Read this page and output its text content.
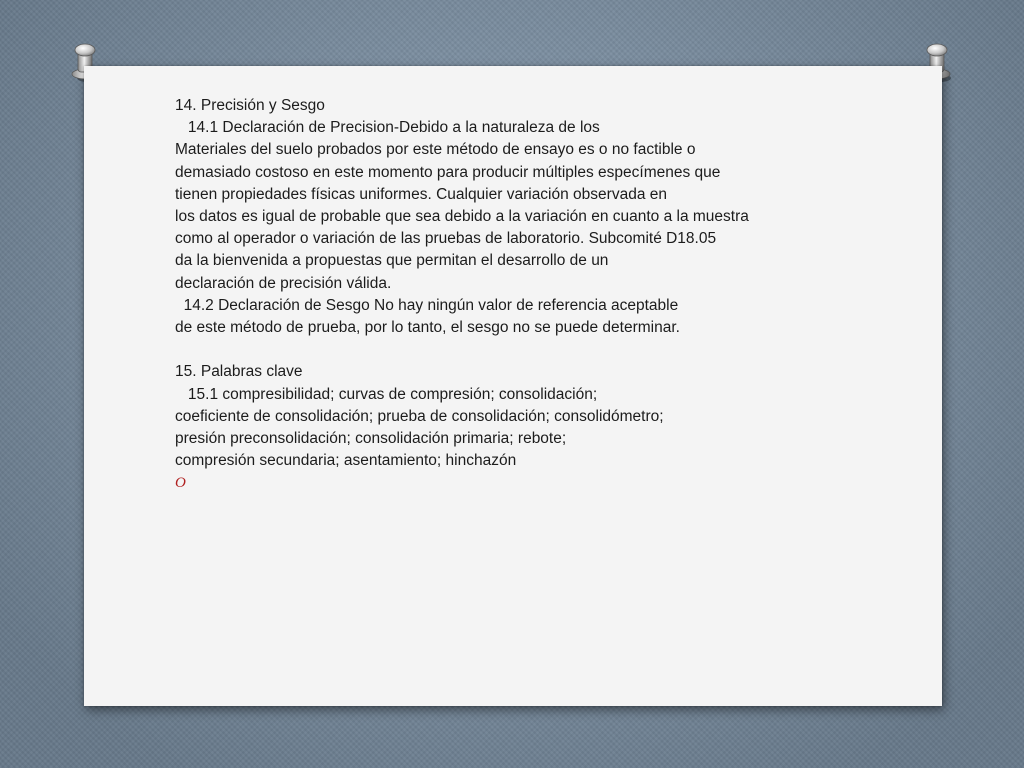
14. Precisión y Sesgo
14.1 Declaración de Precision-Debido a la naturaleza de los
Materiales del suelo probados por este método de ensayo es o no factible o
demasiado costoso en este momento para producir múltiples especímenes que
tienen propiedades físicas uniformes. Cualquier variación observada en
los datos es igual de probable que sea debido a la variación en cuanto a la muestra
como al operador o variación de las pruebas de laboratorio. Subcomité D18.05
da la bienvenida a propuestas que permitan el desarrollo de un
declaración de precisión válida.
14.2 Declaración de Sesgo No hay ningún valor de referencia aceptable
de este método de prueba, por lo tanto, el sesgo no se puede determinar.
15. Palabras clave
15.1 compresibilidad; curvas de compresión; consolidación;
coeficiente de consolidación; prueba de consolidación; consolidómetro;
presión preconsolidación; consolidación primaria; rebote;
compresión secundaria; asentamiento; hinchazón
O
